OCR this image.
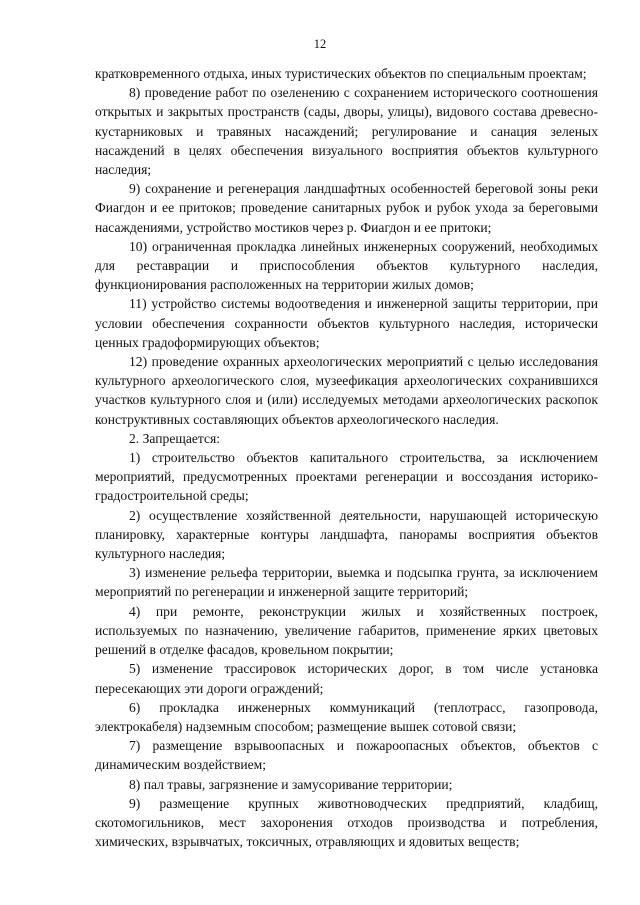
12

кратковременного отдыха, иных туристических объектов по специальным проектам;

8) проведение работ по озеленению с сохранением исторического соотношения открытых и закрытых пространств (сады, дворы, улицы), видового состава древесно-кустарниковых и травяных насаждений; регулирование и санация зеленых насаждений в целях обеспечения визуального восприятия объектов культурного наследия;

9) сохранение и регенерация ландшафтных особенностей береговой зоны реки Фиагдон и ее притоков; проведение санитарных рубок и рубок ухода за береговыми насаждениями, устройство мостиков через р. Фиагдон и ее притоки;

10) ограниченная прокладка линейных инженерных сооружений, необходимых для реставрации и приспособления объектов культурного наследия, функционирования расположенных на территории жилых домов;

11) устройство системы водоотведения и инженерной защиты территории, при условии обеспечения сохранности объектов культурного наследия, исторически ценных градоформирующих объектов;

12) проведение охранных археологических мероприятий с целью исследования культурного археологического слоя, музеефикация археологических сохранившихся участков культурного слоя и (или) исследуемых методами археологических раскопок конструктивных составляющих объектов археологического наследия.

2. Запрещается:

1) строительство объектов капитального строительства, за исключением мероприятий, предусмотренных проектами регенерации и воссоздания историко-градостроительной среды;

2) осуществление хозяйственной деятельности, нарушающей историческую планировку, характерные контуры ландшафта, панорамы восприятия объектов культурного наследия;

3) изменение рельефа территории, выемка и подсыпка грунта, за исключением мероприятий по регенерации и инженерной защите территорий;

4) при ремонте, реконструкции жилых и хозяйственных построек, используемых по назначению, увеличение габаритов, применение ярких цветовых решений в отделке фасадов, кровельном покрытии;

5) изменение трассировок исторических дорог, в том числе установка пересекающих эти дороги ограждений;

6) прокладка инженерных коммуникаций (теплотрасс, газопровода, электрокабеля) надземным способом; размещение вышек сотовой связи;

7) размещение взрывоопасных и пожароопасных объектов, объектов с динамическим воздействием;

8) пал травы, загрязнение и замусоривание территории;

9) размещение крупных животноводческих предприятий, кладбищ, скотомогильников, мест захоронения отходов производства и потребления, химических, взрывчатых, токсичных, отравляющих и ядовитых веществ;
